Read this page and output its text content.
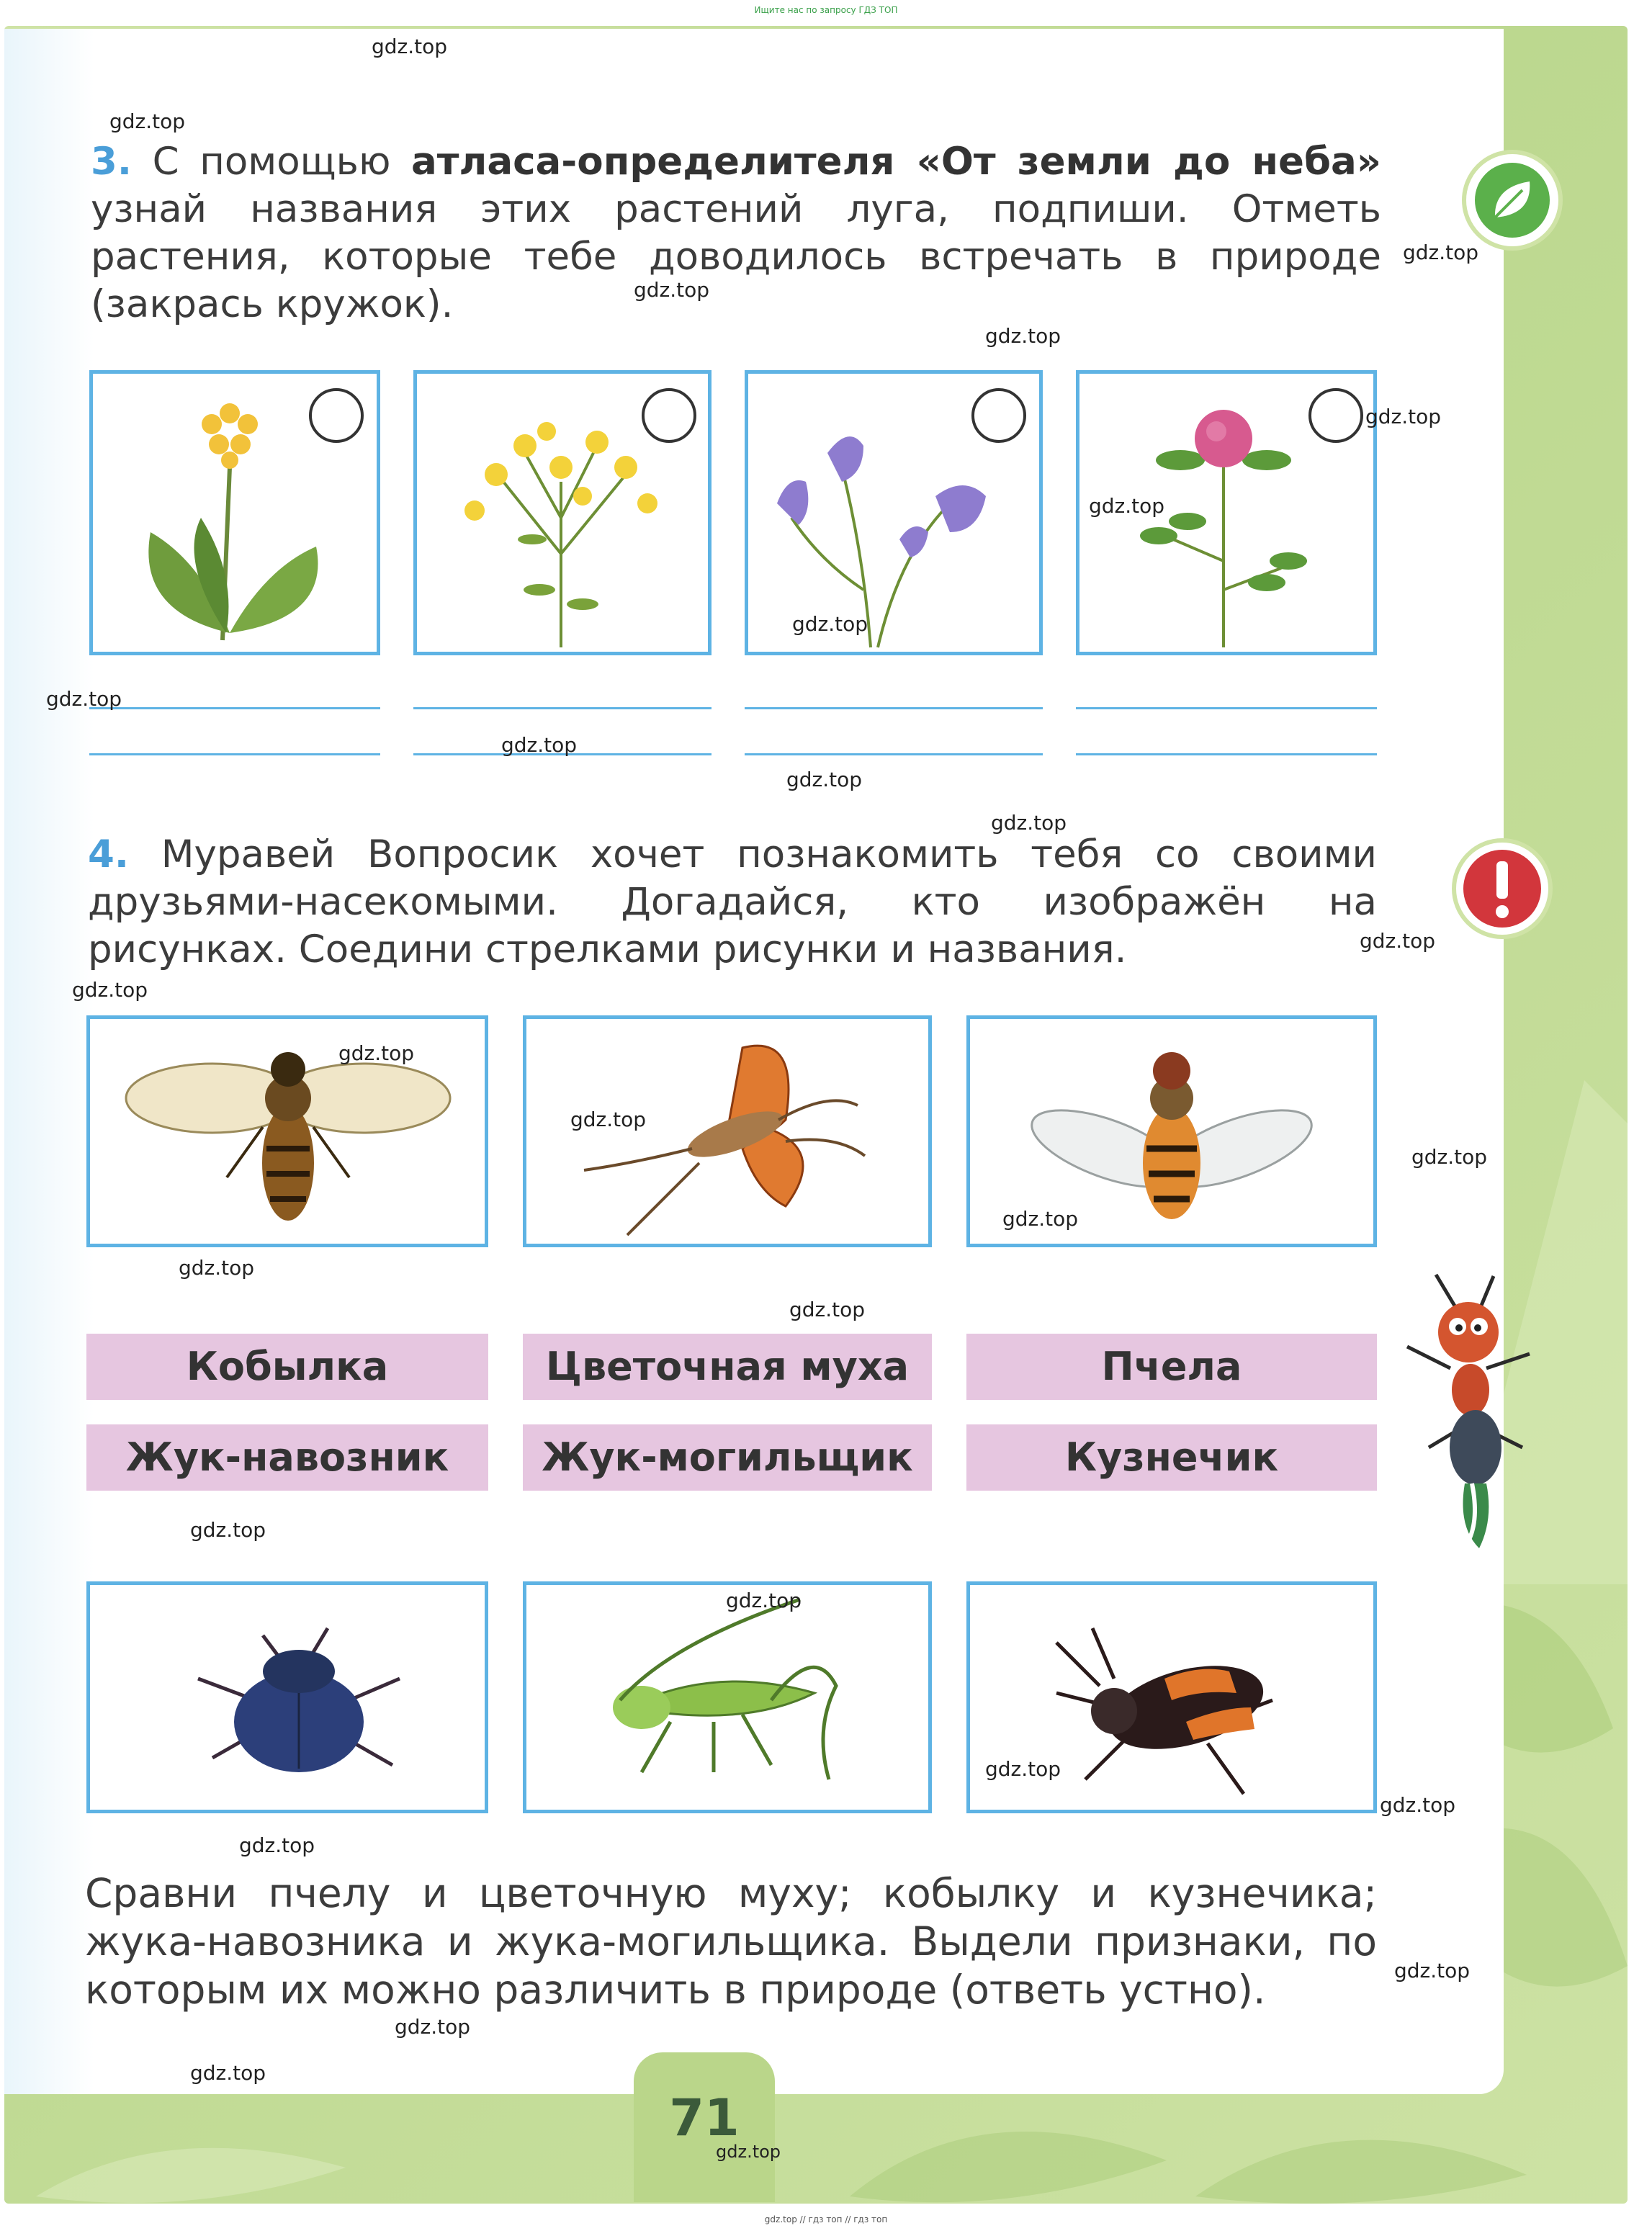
Ищите нас по запросу ГДЗ ТОП
3. С помощью атласа-определителя «От земли до неба» узнай названия этих растений луга, подпиши. Отметь растения, которые тебе доводилось встречать в природе (закрась кружок).
4. Муравей Вопросик хочет познакомить тебя со своими друзьями-насекомыми. Догадайся, кто изображён на рисунках. Соедини стрелками рисунки и названия.
Кобылка	Цветочная муха	Пчела
Жук-навозник	Жук-могильщик	Кузнечик
Сравни пчелу и цветочную муху; кобылку и кузнечика; жука-навозника и жука-могильщика. Выдели признаки, по которым их можно различить в природе (ответь устно).
71
gdz.top
gdz.top
gdz.top
gdz.top
gdz.top
gdz.top
gdz.top
gdz.top
gdz.top
gdz.top
gdz.top
gdz.top
gdz.top
gdz.top
gdz.top
gdz.top
gdz.top
gdz.top
gdz.top
gdz.top
gdz.top
gdz.top
gdz.top
gdz.top
gdz.top
gdz.top
gdz.top
gdz.top
gdz.top
gdz.top // гдз топ // гдз топ
